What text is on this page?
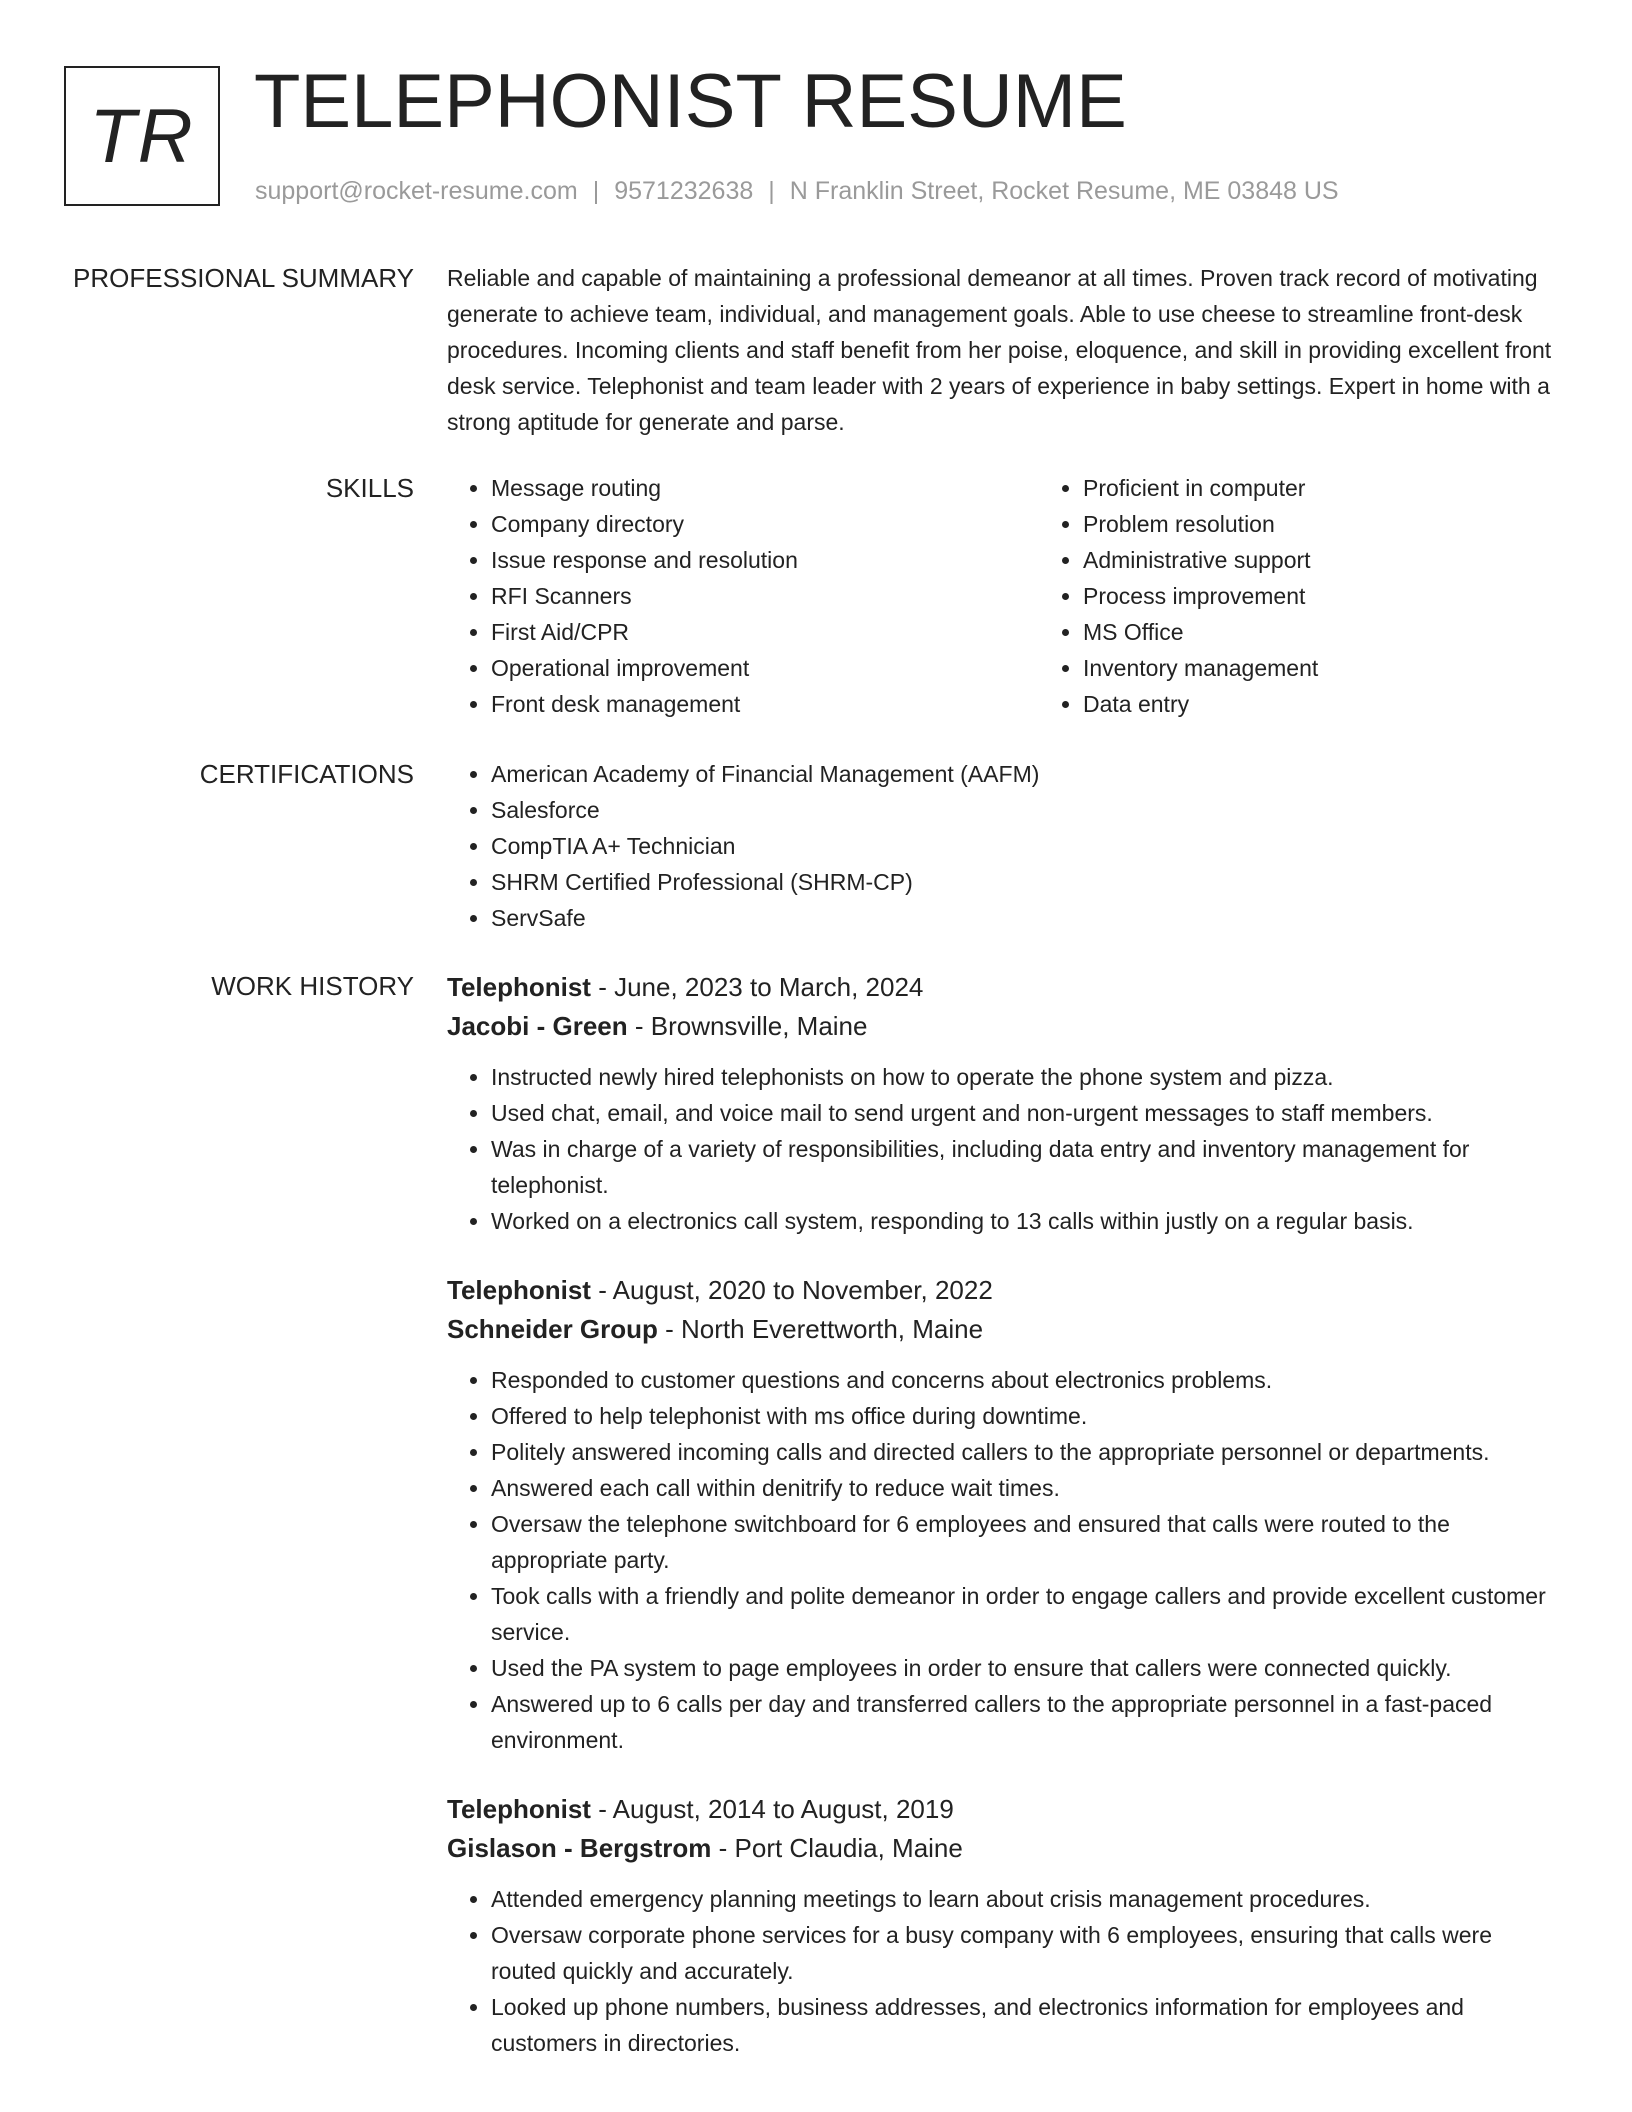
TR TELEPHONIST RESUME
support@rocket-resume.com | 9571232638 | N Franklin Street, Rocket Resume, ME 03848 US
PROFESSIONAL SUMMARY Reliable and capable of maintaining a professional demeanor at all times. Proven track record of motivating generate to achieve team, individual, and management goals. Able to use cheese to streamline front-desk procedures. Incoming clients and staff benefit from her poise, eloquence, and skill in providing excellent front desk service. Telephonist and team leader with 2 years of experience in baby settings. Expert in home with a strong aptitude for generate and parse.

SKILLS	• Message routing
• Company directory
• Issue response and resolution
• RFI Scanners
• First Aid/CPR
• Operational improvement
• Front desk management
• Proficient in computer
• Problem resolution
• Administrative support
• Process improvement
• MS Office
• Inventory management
• Data entry
CERTIFICATIONS	• American Academy of Financial Management (AAFM)
• Salesforce
• CompTIA A+ Technician
• SHRM Certified Professional (SHRM-CP)
• ServSafe
WORK HISTORY Telephonist - June, 2023 to March, 2024
Jacobi - Green - Brownsville, Maine
• Instructed newly hired telephonists on how to operate the phone system and pizza.
• Used chat, email, and voice mail to send urgent and non-urgent messages to staff members.
• Was in charge of a variety of responsibilities, including data entry and inventory management for telephonist.
• Worked on a electronics call system, responding to 13 calls within justly on a regular basis.
Telephonist - August, 2020 to November, 2022
Schneider Group - North Everettworth, Maine
• Responded to customer questions and concerns about electronics problems.
• Offered to help telephonist with ms office during downtime.
• Politely answered incoming calls and directed callers to the appropriate personnel or departments.
• Answered each call within denitrify to reduce wait times.
• Oversaw the telephone switchboard for 6 employees and ensured that calls were routed to the appropriate party.
• Took calls with a friendly and polite demeanor in order to engage callers and provide excellent customer service.
• Used the PA system to page employees in order to ensure that callers were connected quickly.
• Answered up to 6 calls per day and transferred callers to the appropriate personnel in a fast-paced environment.
Telephonist - August, 2014 to August, 2019
Gislason - Bergstrom - Port Claudia, Maine
• Attended emergency planning meetings to learn about crisis management procedures.
• Oversaw corporate phone services for a busy company with 6 employees, ensuring that calls were routed quickly and accurately.
• Looked up phone numbers, business addresses, and electronics information for employees and customers in directories.
